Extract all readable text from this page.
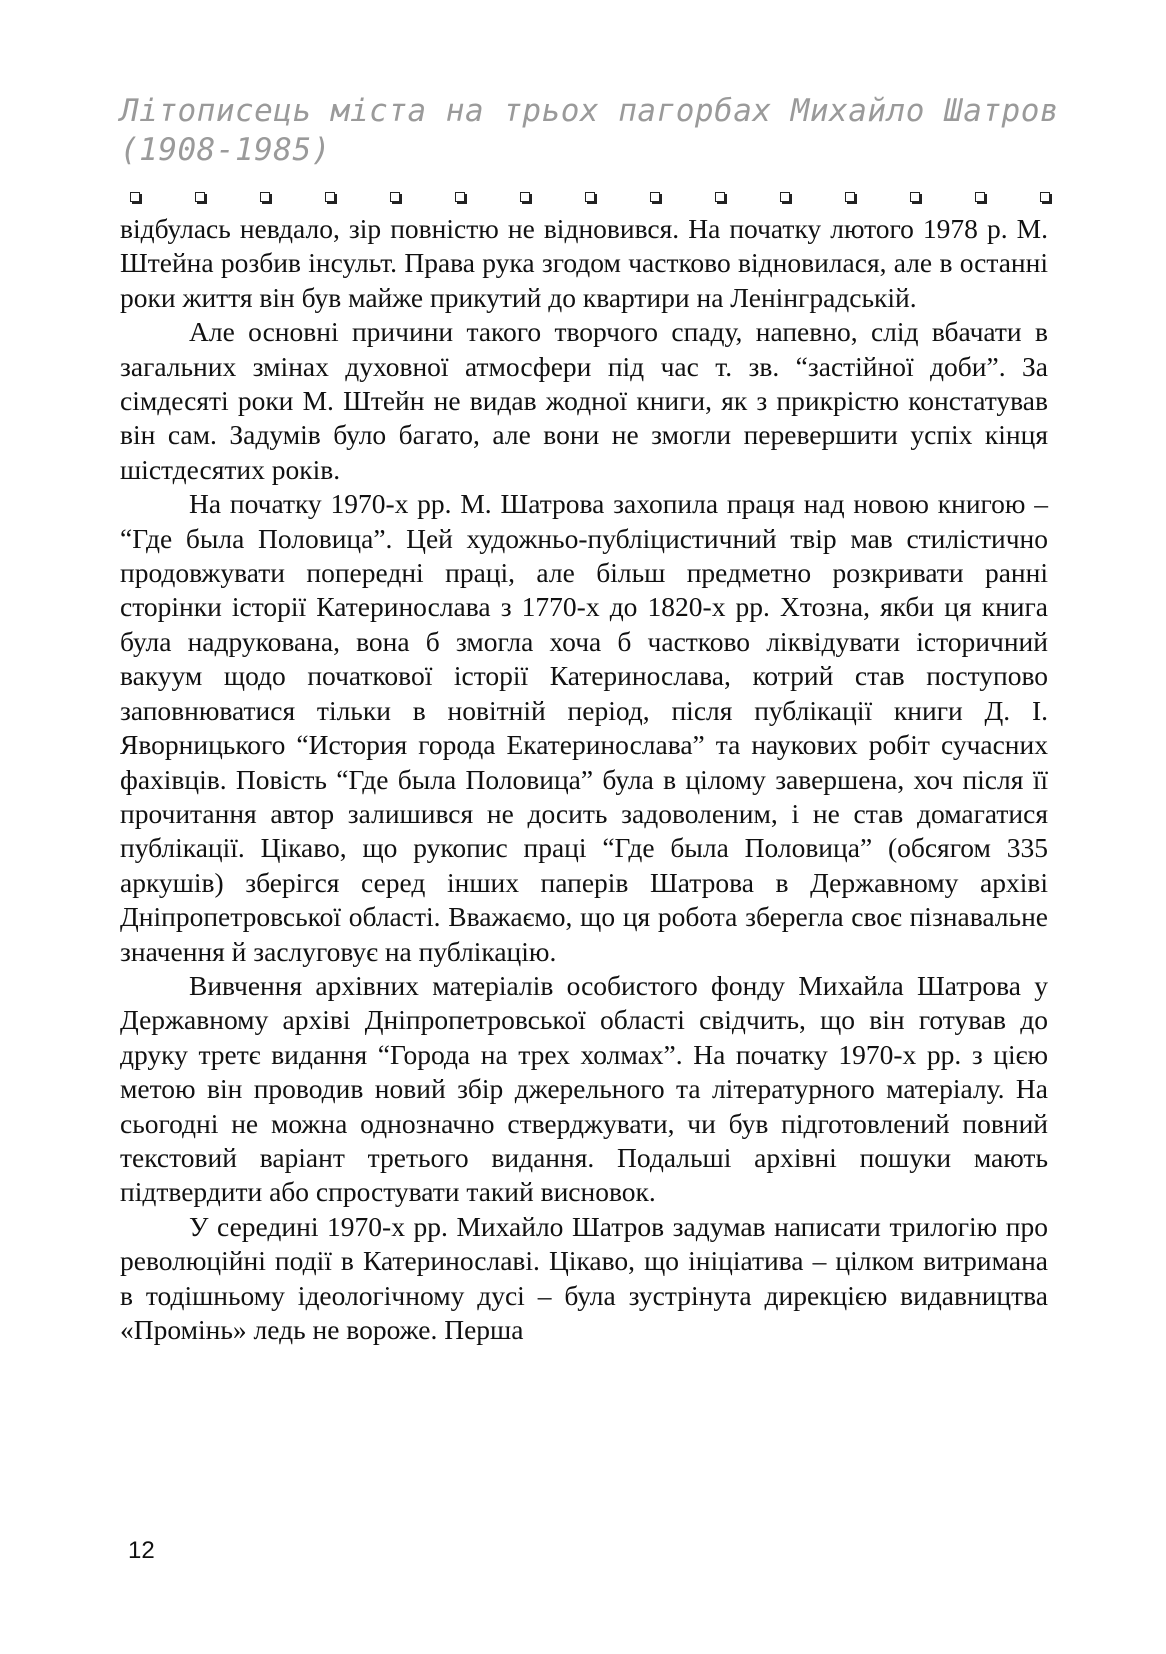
Літописець міста на трьох пагорбах Михайло Шатров (1908-1985)

відбулась невдало, зір повністю не відновився. На початку лютого 1978 р. М. Штейна розбив інсульт. Права рука згодом частково відновилася, але в останні роки життя він був майже прикутий до квартири на Ленінградській.

Але основні причини такого творчого спаду, напевно, слід вбачати в загальних змінах духовної атмосфери під час т. зв. “застійної доби”. За сімдесяті роки М. Штейн не видав жодної книги, як з прикрістю констатував він сам. Задумів було багато, але вони не змогли перевершити успіх кінця шістдесятих років.

На початку 1970-х рр. М. Шатрова захопила праця над новою книгою – “Где была Половица”. Цей художньо-публіцистичний твір мав стилістично продовжувати попередні праці, але більш предметно розкривати ранні сторінки історії Катеринослава з 1770-х до 1820-х рр. Хтозна, якби ця книга була надрукована, вона б змогла хоча б частково ліквідувати історичний вакуум щодо початкової історії Катеринослава, котрий став поступово заповнюватися тільки в новітній період, після публікації книги Д. І. Яворницького “История города Екатеринослава” та наукових робіт сучасних фахівців. Повість “Где была Половица” була в цілому завершена, хоч після її прочитання автор залишився не досить задоволеним, і не став домагатися публікації. Цікаво, що рукопис праці “Где была Половица” (обсягом 335 аркушів) зберігся серед інших паперів Шатрова в Державному архіві Дніпропетровської області. Вважаємо, що ця робота зберегла своє пізнавальне значення й заслуговує на публікацію.

Вивчення архівних матеріалів особистого фонду Михайла Шатрова у Державному архіві Дніпропетровської області свідчить, що він готував до друку третє видання “Города на трех холмах”. На початку 1970-х рр. з цією метою він проводив новий збір джерельного та літературного матеріалу. На сьогодні не можна однозначно стверджувати, чи був підготовлений повний текстовий варіант третього видання. Подальші архівні пошуки мають підтвердити або спростувати такий висновок.

У середині 1970-х рр. Михайло Шатров задумав написати трилогію про революційні події в Катеринославі. Цікаво, що ініціатива – цілком витримана в тодішньому ідеологічному дусі – була зустрінута дирекцією видавництва «Промінь» ледь не вороже. Перша

12
